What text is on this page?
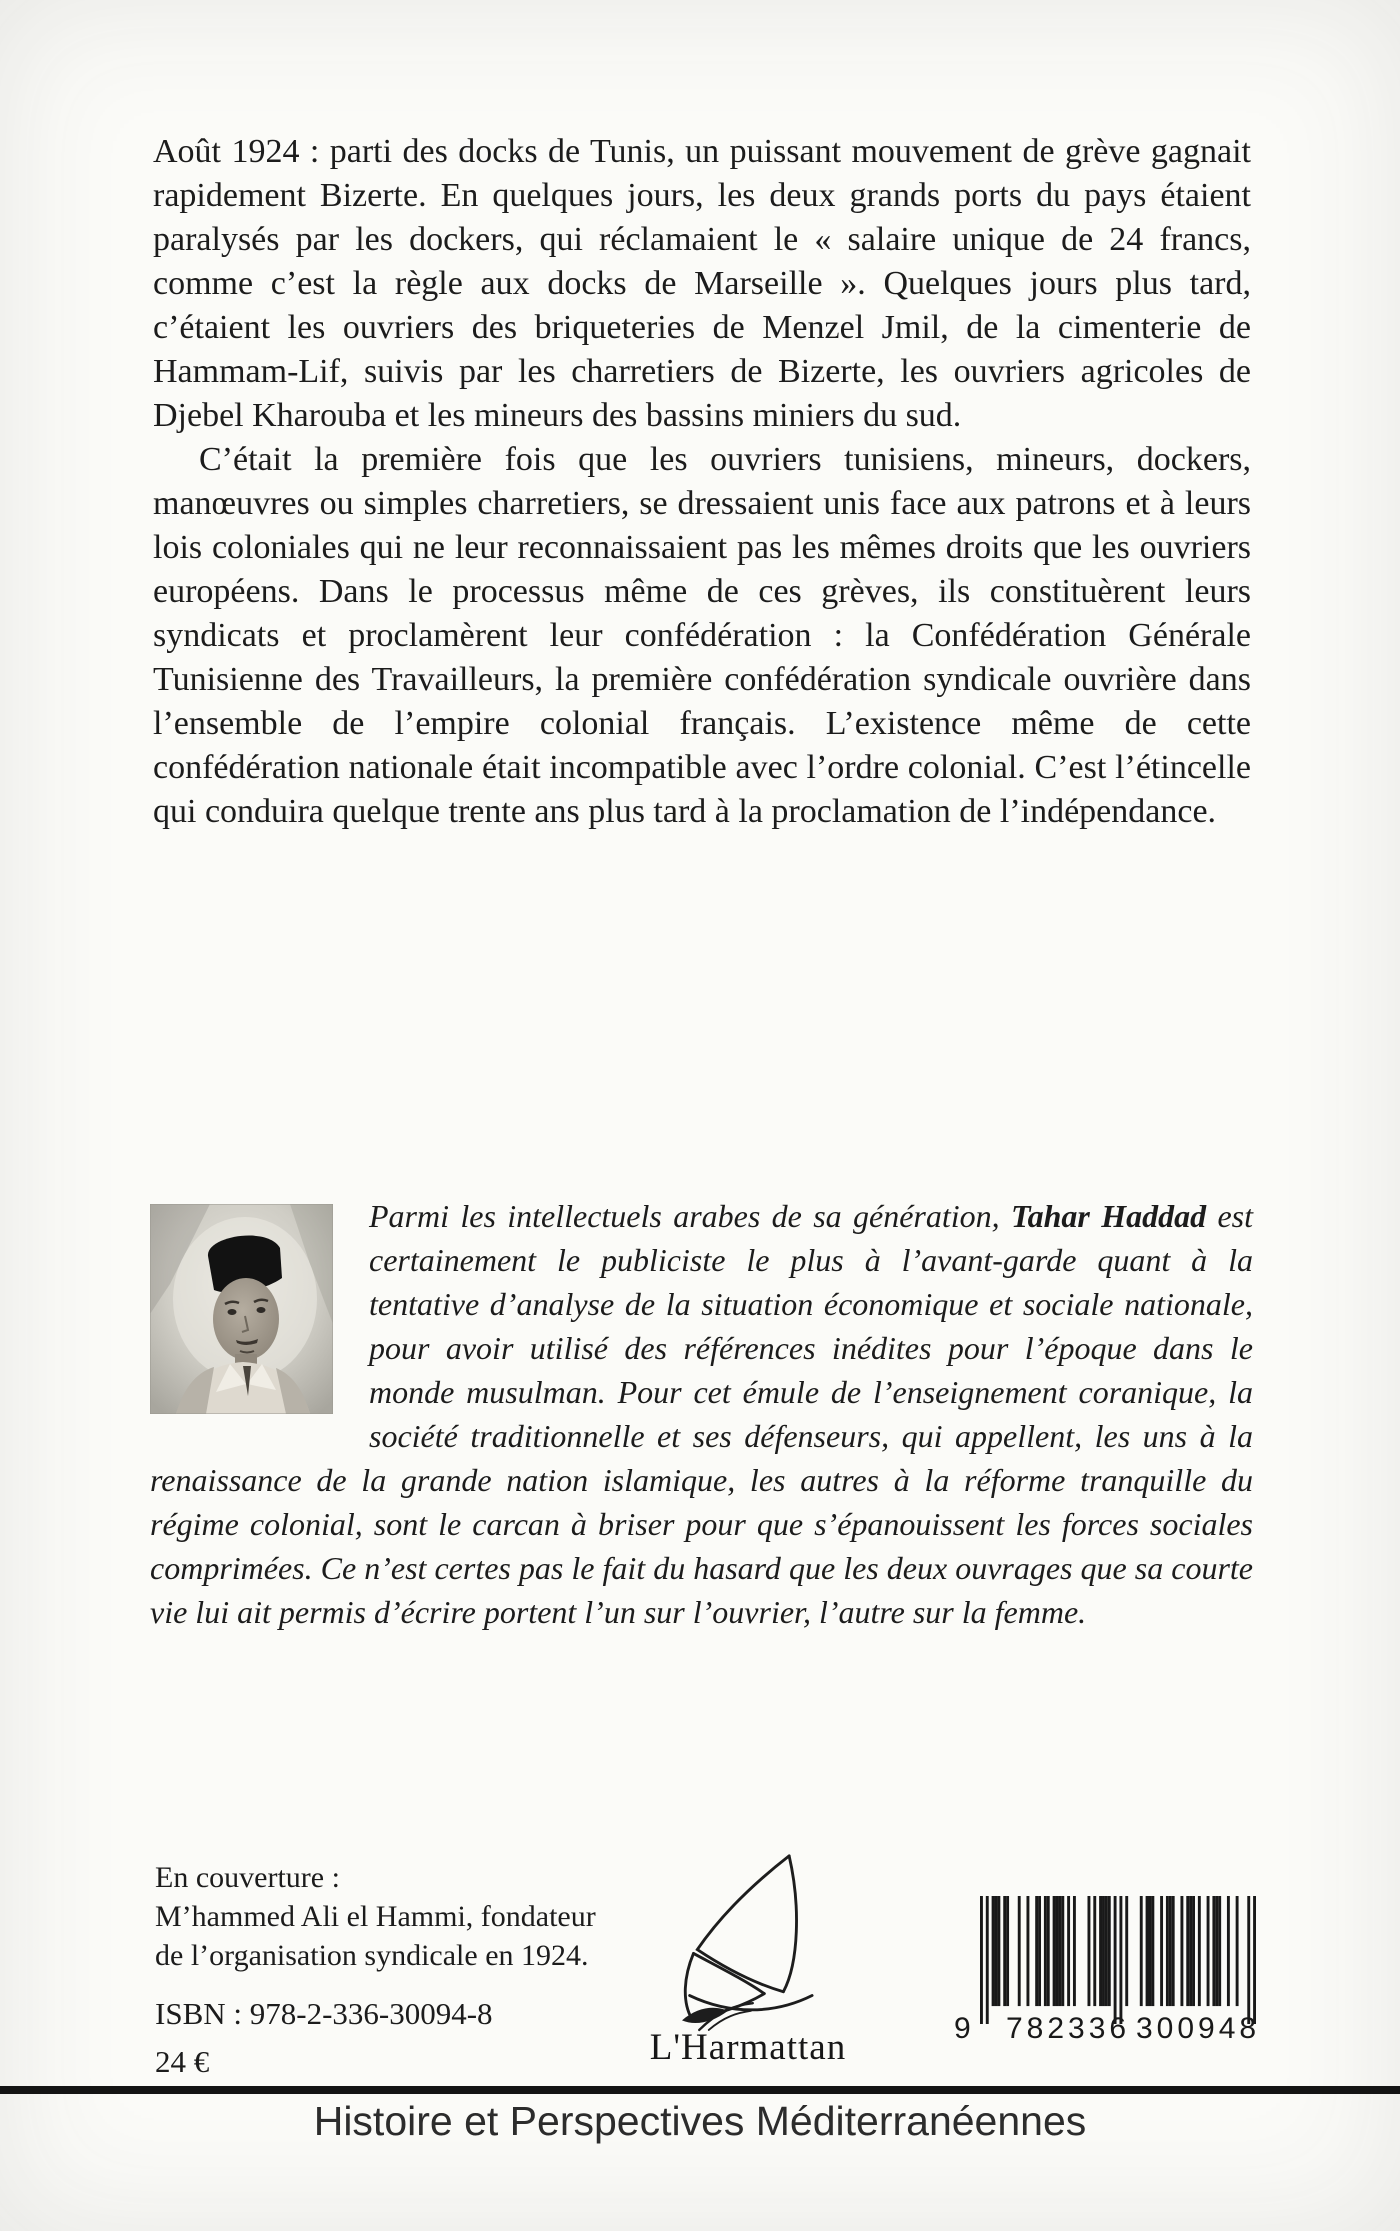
Août 1924 : parti des docks de Tunis, un puissant mouvement de grève gagnait rapidement Bizerte. En quelques jours, les deux grands ports du pays étaient paralysés par les dockers, qui réclamaient le « salaire unique de 24 francs, comme c’est la règle aux docks de Marseille ». Quelques jours plus tard, c’étaient les ouvriers des briqueteries de Menzel Jmil, de la cimenterie de Hammam-Lif, suivis par les charretiers de Bizerte, les ouvriers agricoles de Djebel Kharouba et les mineurs des bassins miniers du sud.

C’était la première fois que les ouvriers tunisiens, mineurs, dockers, manœuvres ou simples charretiers, se dressaient unis face aux patrons et à leurs lois coloniales qui ne leur reconnaissaient pas les mêmes droits que les ouvriers européens. Dans le processus même de ces grèves, ils constituèrent leurs syndicats et proclamèrent leur confédération : la Confédération Générale Tunisienne des Travailleurs, la première confédération syndicale ouvrière dans l’ensemble de l’empire colonial français. L’existence même de cette confédération nationale était incompatible avec l’ordre colonial. C’est l’étincelle qui conduira quelque trente ans plus tard à la proclamation de l’indépendance.

Parmi les intellectuels arabes de sa génération, Tahar Haddad est certainement le publiciste le plus à l’avant-garde quant à la tentative d’analyse de la situation économique et sociale nationale, pour avoir utilisé des références inédites pour l’époque dans le monde musulman. Pour cet émule de l’enseignement coranique, la société traditionnelle et ses défenseurs, qui appellent, les uns à la renaissance de la grande nation islamique, les autres à la réforme tranquille du régime colonial, sont le carcan à briser pour que s’épanouissent les forces sociales comprimées. Ce n’est certes pas le fait du hasard que les deux ouvrages que sa courte vie lui ait permis d’écrire portent l’un sur l’ouvrier, l’autre sur la femme.
En couverture :
M’hammed Ali el Hammi, fondateur
de l’organisation syndicale en 1924.
ISBN : 978-2-336-30094-8
24 €	L'Harmattan	9 782336 300948
Histoire et Perspectives Méditerranéennes
